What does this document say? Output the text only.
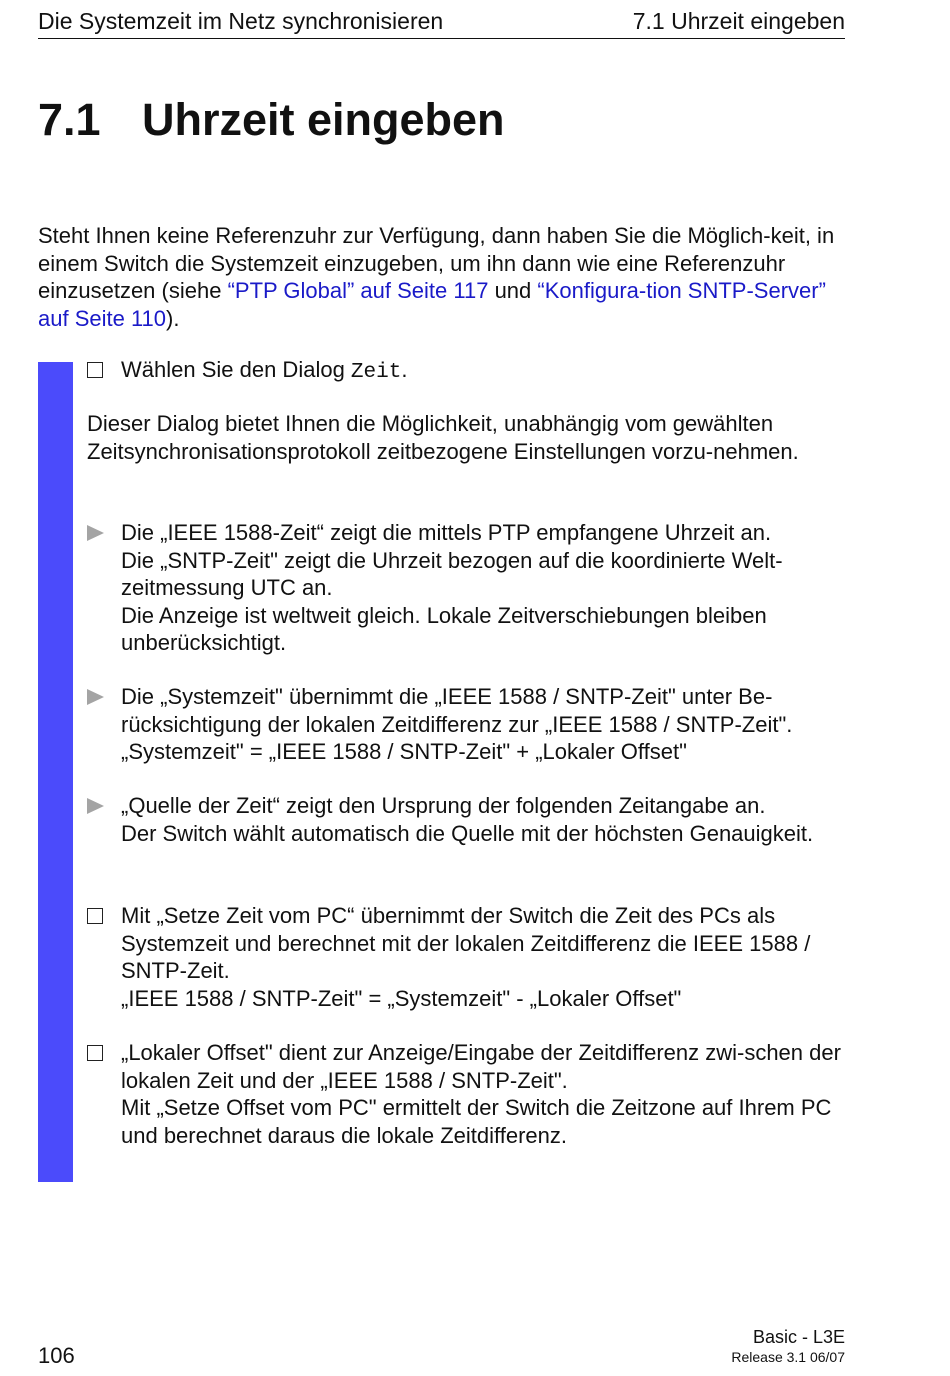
Die Systemzeit im Netz synchronisieren	7.1 Uhrzeit eingeben
7.1 Uhrzeit eingeben

Steht Ihnen keine Referenzuhr zur Verfügung, dann haben Sie die Möglich-keit, in einem Switch die Systemzeit einzugeben, um ihn dann wie eine Referenzuhr einzusetzen (siehe “PTP Global” auf Seite 117 und “Konfigura-tion SNTP-Server” auf Seite 110).

Wählen Sie den Dialog Zeit.

Dieser Dialog bietet Ihnen die Möglichkeit, unabhängig vom gewählten Zeitsynchronisationsprotokoll zeitbezogene Einstellungen vorzu-nehmen.

Die „IEEE 1588-Zeit“ zeigt die mittels PTP empfangene Uhrzeit an.

Die „SNTP-Zeit" zeigt die Uhrzeit bezogen auf die koordinierte Welt-zeitmessung UTC an.

Die Anzeige ist weltweit gleich. Lokale Zeitverschiebungen bleiben unberücksichtigt.

Die „Systemzeit" übernimmt die „IEEE 1588 / SNTP-Zeit" unter Be-rücksichtigung der lokalen Zeitdifferenz zur „IEEE 1588 / SNTP-Zeit".

„Systemzeit" = „IEEE 1588 / SNTP-Zeit" + „Lokaler Offset"

„Quelle der Zeit“ zeigt den Ursprung der folgenden Zeitangabe an.

Der Switch wählt automatisch die Quelle mit der höchsten Genauigkeit.

Mit „Setze Zeit vom PC“ übernimmt der Switch die Zeit des PCs als Systemzeit und berechnet mit der lokalen Zeitdifferenz die IEEE 1588 / SNTP-Zeit.

„IEEE 1588 / SNTP-Zeit" = „Systemzeit" - „Lokaler Offset"

„Lokaler Offset" dient zur Anzeige/Eingabe der Zeitdifferenz zwi-schen der lokalen Zeit und der „IEEE 1588 / SNTP-Zeit".

Mit „Setze Offset vom PC" ermittelt der Switch die Zeitzone auf Ihrem PC und berechnet daraus die lokale Zeitdifferenz.

106
Basic - L3E
Release 3.1 06/07
